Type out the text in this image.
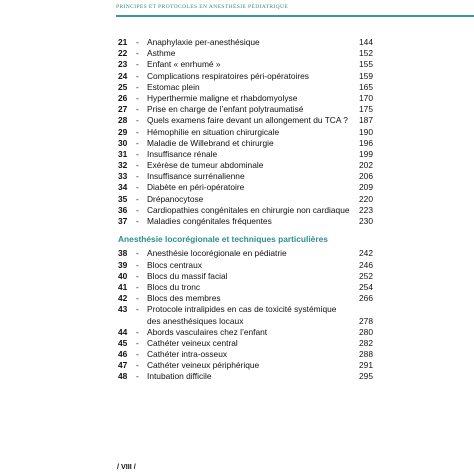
PRINCIPES ET PROTOCOLES EN ANESTHÉSIE PÉDIATRIQUE
21	- Anaphylaxie per-anesthésique	144
22	- Asthme	152
23	- Enfant « enrhumé »	155
24	- Complications respiratoires péri-opératoires	159
25	- Estomac plein	165
26	- Hyperthermie maligne et rhabdomyolyse	170
27	- Prise en charge de l’enfant polytraumatisé	175
28	- Quels examens faire devant un allongement du TCA ?	187
29	- Hémophilie en situation chirurgicale	190
30	- Maladie de Willebrand et chirurgie	196
31	- Insuffisance rénale	199
32	- Exérèse de tumeur abdominale	202
33	- Insuffisance surrénalienne	206
34	- Diabète en péri-opératoire	209
35	- Drépanocytose	220
36	- Cardiopathies congénitales en chirurgie non cardiaque	223
37	- Maladies congénitales fréquentes	230
Anesthésie locorégionale et techniques particulières
38	- Anesthésie locorégionale en pédiatrie	242
39	- Blocs centraux	246
40	- Blocs du massif facial	252
41	- Blocs du tronc	254
42	- Blocs des membres	266
43	- Protocole intralipides en cas de toxicité systémique des anesthésiques locaux	278
44	- Abords vasculaires chez l’enfant	280
45	- Cathéter veineux central	282
46	- Cathéter intra-osseux	288
47	- Cathéter veineux périphérique	291
48	- Intubation difficile	295
/ VIII /
